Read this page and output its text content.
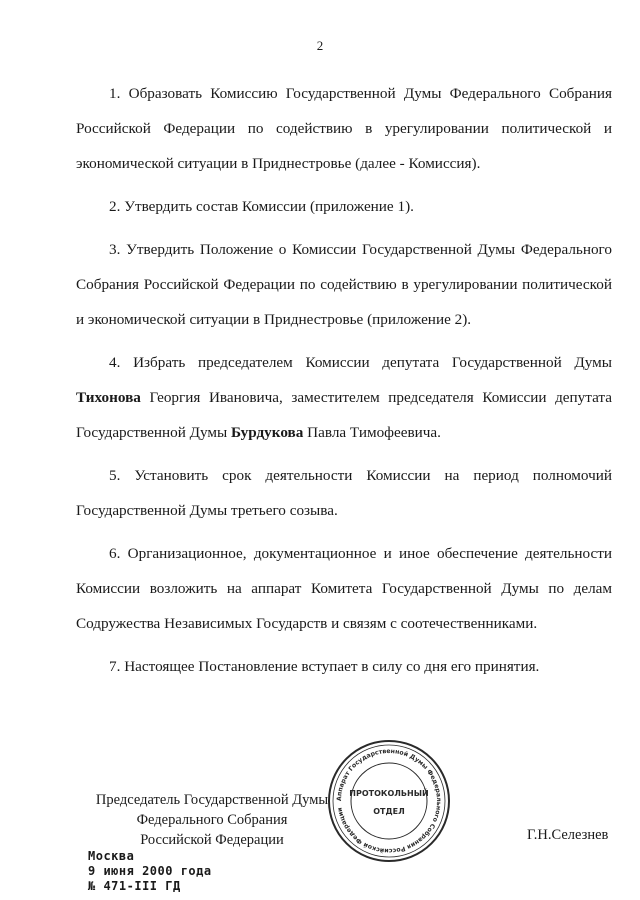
2

1. Образовать Комиссию Государственной Думы Федерального Собрания Российской Федерации по содействию в урегулировании политической и экономической ситуации в Приднестровье (далее - Комиссия).

2. Утвердить состав Комиссии (приложение 1).

3. Утвердить Положение о Комиссии Государственной Думы Федерального Собрания Российской Федерации по содействию в урегулировании политической и экономической ситуации в Приднестровье (приложение 2).

4. Избрать председателем Комиссии депутата Государственной Думы Тихонова Георгия Ивановича, заместителем председателя Комиссии депутата Государственной Думы Бурдукова Павла Тимофеевича.

5. Установить срок деятельности Комиссии на период полномочий Государственной Думы третьего созыва.

6. Организационное, документационное и иное обеспечение деятельности Комиссии возложить на аппарат Комитета Государственной Думы по делам Содружества Независимых Государств и связям с соотечественниками.

7. Настоящее Постановление вступает в силу со дня его принятия.

Председатель Государственной Думы
Федерального Собрания
Российской Федерации	Г.Н.Селезнев
Аппарат Государственной Думы Федерального Собрания Российской Федерации
ПРОТОКОЛЬНЫЙ
ОТДЕЛ
Москва
9 июня 2000 года
№ 471-III ГД
